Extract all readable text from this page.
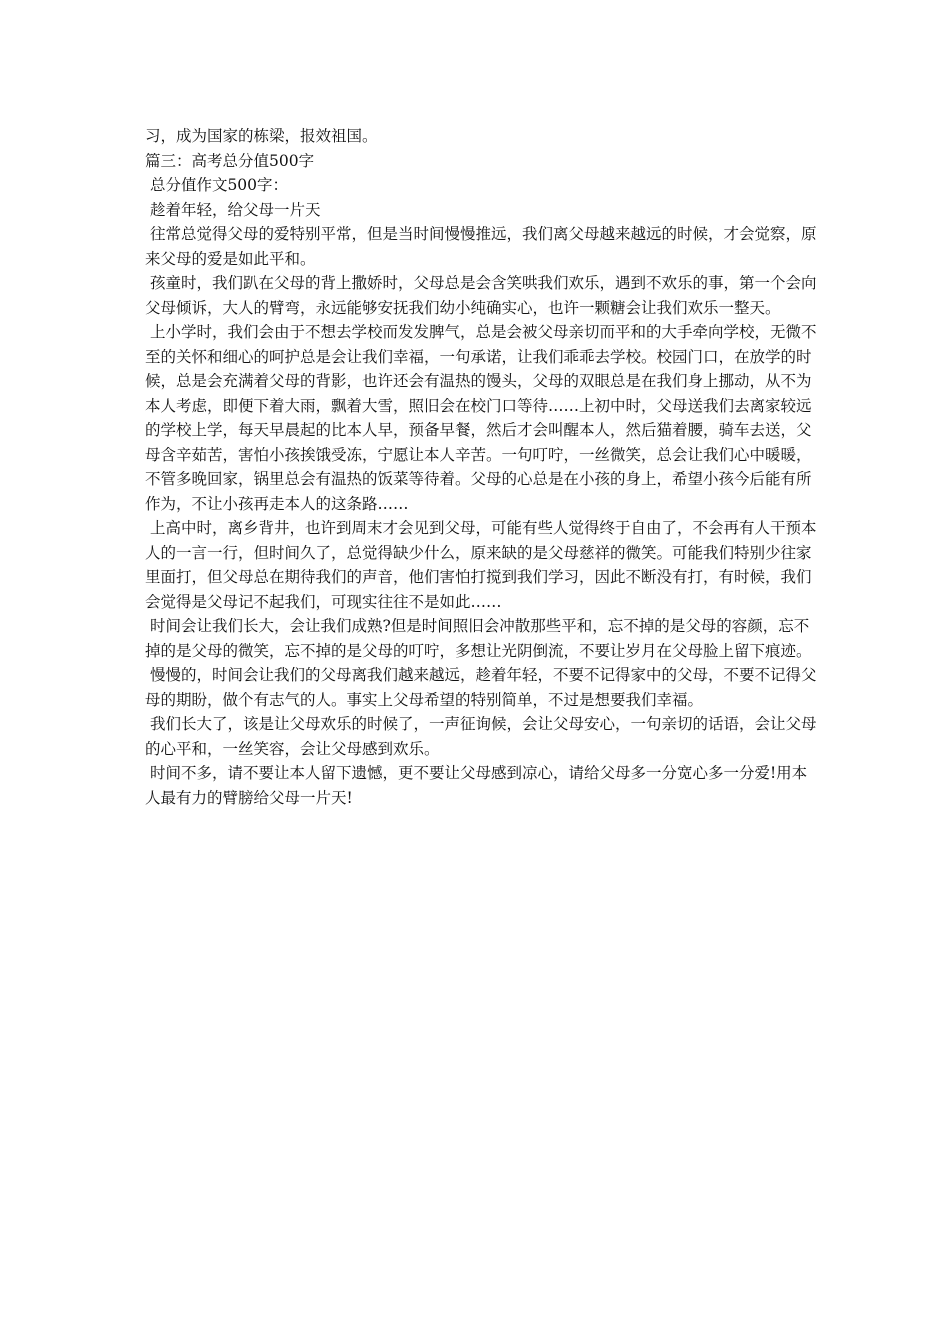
习，成为国家的栋梁，报效祖国。

篇三：高考总分值500字

总分值作文500字：

趁着年轻，给父母一片天

往常总觉得父母的爱特别平常，但是当时间慢慢推远，我们离父母越来越远的时候，才会觉察，原来父母的爱是如此平和。

孩童时，我们趴在父母的背上撒娇时，父母总是会含笑哄我们欢乐，遇到不欢乐的事，第一个会向父母倾诉，大人的臂弯，永远能够安抚我们幼小纯确实心，也许一颗糖会让我们欢乐一整天。

上小学时，我们会由于不想去学校而发发脾气，总是会被父母亲切而平和的大手牵向学校，无微不至的关怀和细心的呵护总是会让我们幸福，一句承诺，让我们乖乖去学校。校园门口，在放学的时候，总是会充满着父母的背影，也许还会有温热的馒头，父母的双眼总是在我们身上挪动，从不为本人考虑，即便下着大雨，飘着大雪，照旧会在校门口等待……上初中时，父母送我们去离家较远的学校上学，每天早晨起的比本人早，预备早餐，然后才会叫醒本人，然后猫着腰，骑车去送，父母含辛茹苦，害怕小孩挨饿受冻，宁愿让本人辛苦。一句叮咛，一丝微笑，总会让我们心中暖暖，不管多晚回家，锅里总会有温热的饭菜等待着。父母的心总是在小孩的身上，希望小孩今后能有所作为，不让小孩再走本人的这条路……

上高中时，离乡背井，也许到周末才会见到父母，可能有些人觉得终于自由了，不会再有人干预本人的一言一行，但时间久了，总觉得缺少什么，原来缺的是父母慈祥的微笑。可能我们特别少往家里面打，但父母总在期待我们的声音，他们害怕打搅到我们学习，因此不断没有打，有时候，我们会觉得是父母记不起我们，可现实往往不是如此……

时间会让我们长大，会让我们成熟?但是时间照旧会冲散那些平和，忘不掉的是父母的容颜，忘不掉的是父母的微笑，忘不掉的是父母的叮咛，多想让光阴倒流，不要让岁月在父母脸上留下痕迹。

慢慢的，时间会让我们的父母离我们越来越远，趁着年轻，不要不记得家中的父母，不要不记得父母的期盼，做个有志气的人。事实上父母希望的特别简单，不过是想要我们幸福。

我们长大了，该是让父母欢乐的时候了，一声征询候，会让父母安心，一句亲切的话语，会让父母的心平和，一丝笑容，会让父母感到欢乐。

时间不多，请不要让本人留下遗憾，更不要让父母感到凉心，请给父母多一分宽心多一分爱!用本人最有力的臂膀给父母一片天!
